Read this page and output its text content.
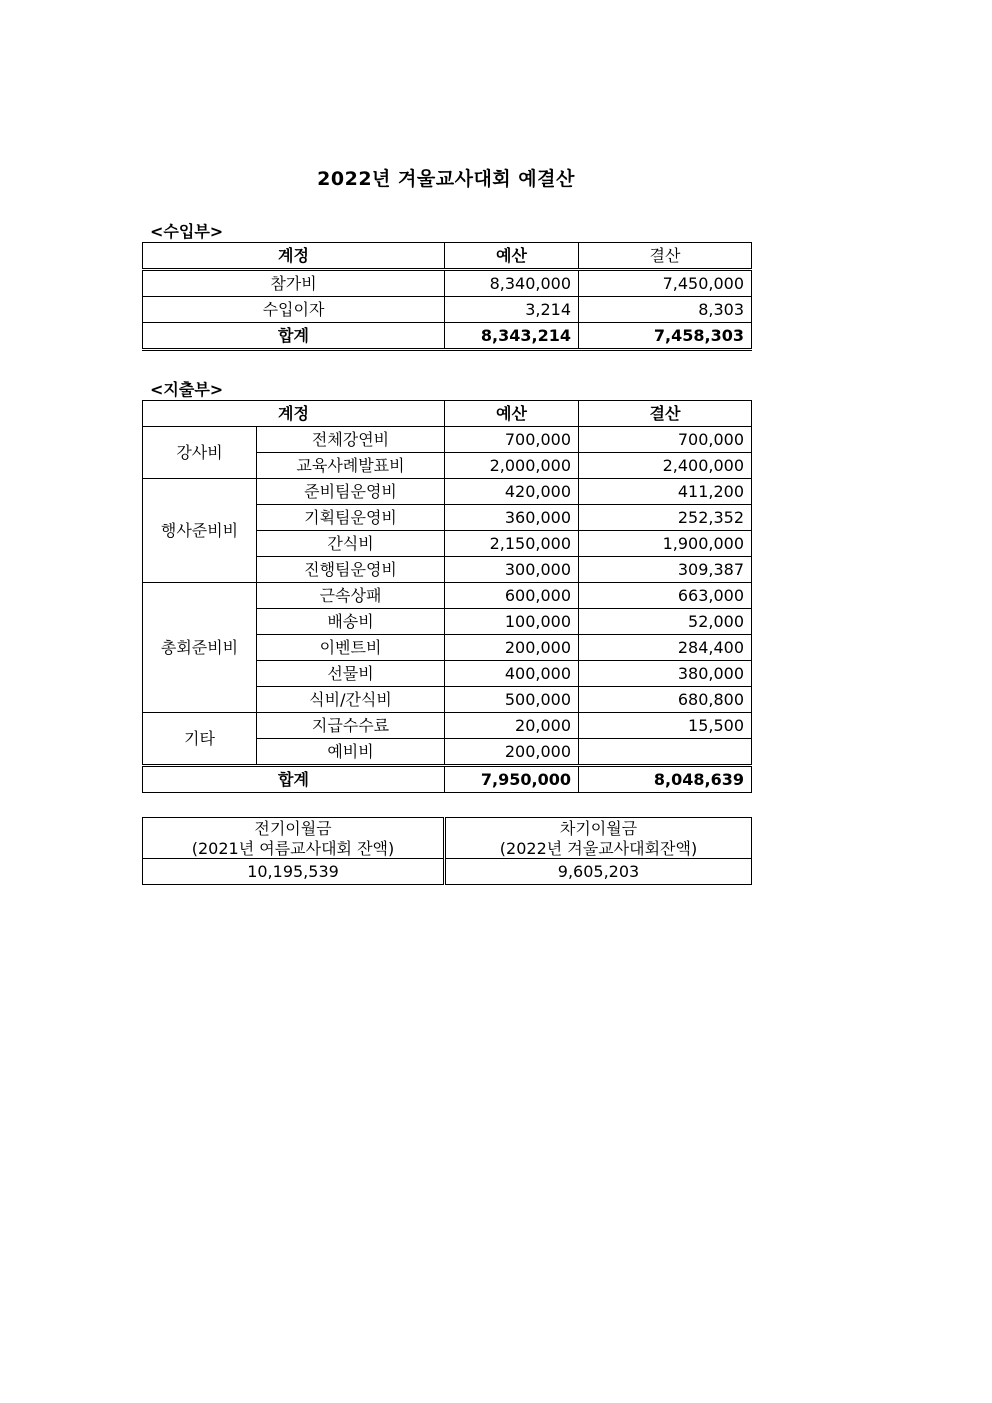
2022년 겨울교사대회 예결산
<수입부>
계정	예산	결산
참가비	8,340,000	7,450,000
수입이자	3,214	8,303
합계	8,343,214	7,458,303
<지출부>
계정		예산	결산
강사비	전체강연비	700,000	700,000
	교육사례발표비	2,000,000	2,400,000
행사준비비	준비팀운영비	420,000	411,200
	기획팀운영비	360,000	252,352
	간식비	2,150,000	1,900,000
	진행팀운영비	300,000	309,387
총회준비비	근속상패	600,000	663,000
	배송비	100,000	52,000
	이벤트비	200,000	284,400
	선물비	400,000	380,000
	식비/간식비	500,000	680,800
기타	지급수수료	20,000	15,500
	예비비	200,000	
합계		7,950,000	8,048,639
전기이월금	차기이월금
(2021년 여름교사대회 잔액)	(2022년 겨울교사대회잔액)
10,195,539	9,605,203
